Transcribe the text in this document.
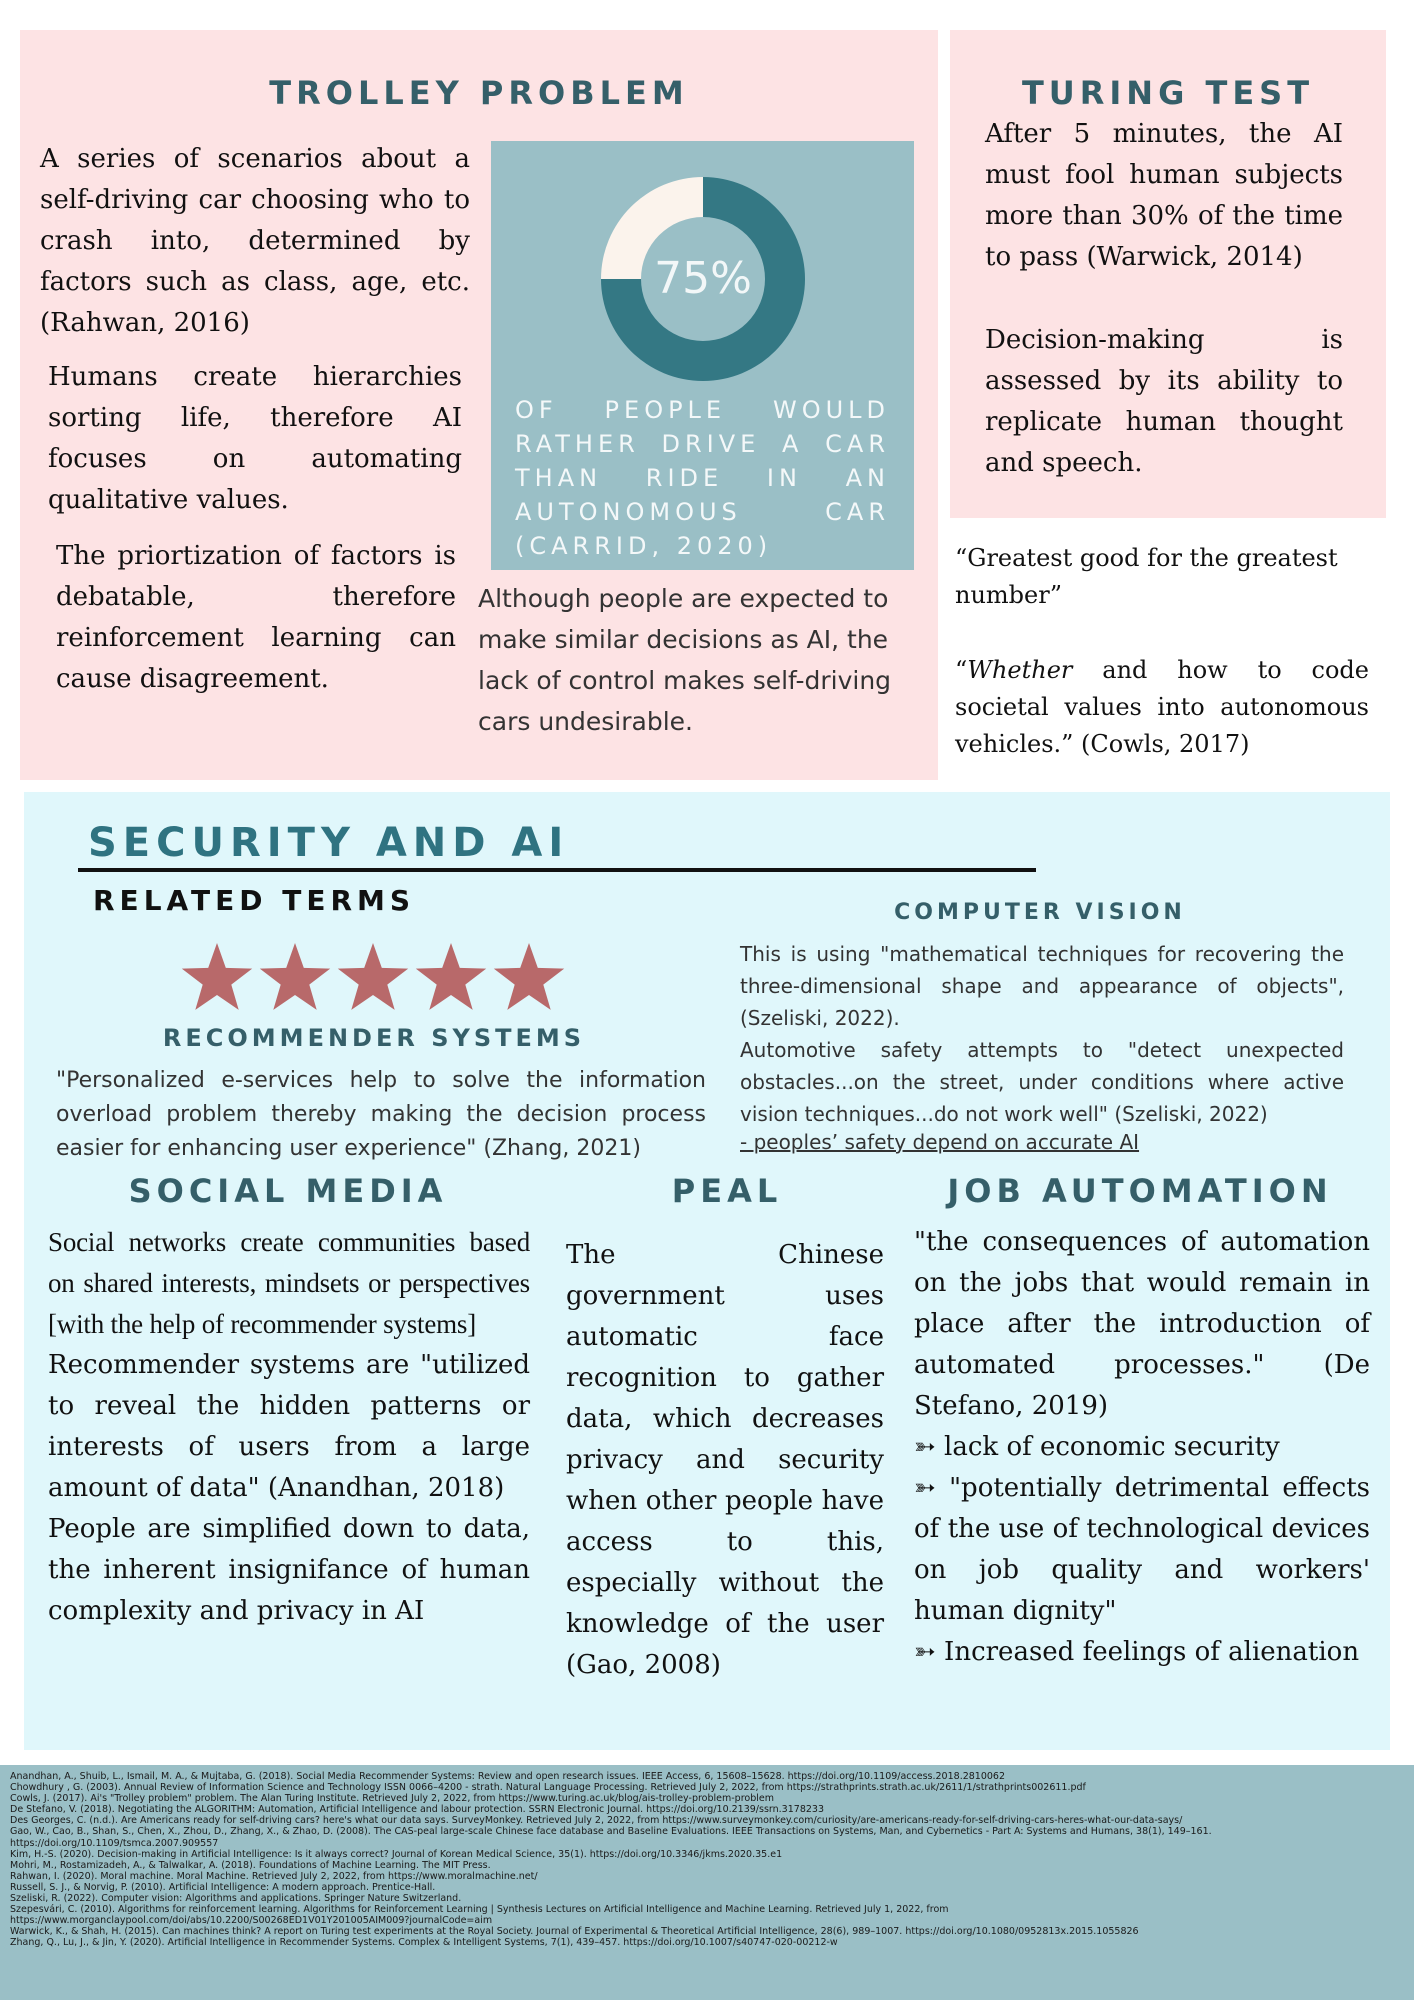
TROLLEY PROBLEM
A series of scenarios about a self-driving car choosing who to crash into, determined by factors such as class, age, etc. (Rahwan, 2016)
Humans create hierarchies sorting life, therefore AI focuses on automating qualitative values.
The priortization of factors is debatable, therefore reinforcement learning can cause disagreement.
75%
OF PEOPLE WOULD RATHER DRIVE A CAR THAN RIDE IN AN AUTONOMOUS CAR (CARRID, 2020)
Although people are expected to make similar decisions as AI, the lack of control makes self-driving cars undesirable.
TURING TEST
After 5 minutes, the AI must fool human subjects more than 30% of the time to pass (Warwick, 2014)
Decision-making is assessed by its ability to replicate human thought and speech.
“Greatest good for the greatest number”
“Whether and how to code societal values into autonomous vehicles.” (Cowls, 2017)
SECURITY AND AI
RELATED TERMS
RECOMMENDER SYSTEMS
"Personalized e-services help to solve the information overload problem thereby making the decision process easier for enhancing user experience" (Zhang, 2021)
COMPUTER VISION
This is using "mathematical techniques for recovering the three-dimensional shape and appearance of objects", (Szeliski, 2022).
Automotive safety attempts to "detect unexpected obstacles...on the street, under conditions where active vision techniques...do not work well" (Szeliski, 2022)
- peoples’ safety depend on accurate AI
SOCIAL MEDIA	PEAL	JOB AUTOMATION
Social networks create communities based on shared interests, mindsets or perspectives [with the help of recommender systems]
Recommender systems are "utilized to reveal the hidden patterns or interests of users from a large amount of data" (Anandhan, 2018)
People are simplified down to data, the inherent insignifance of human complexity and privacy in AI
The Chinese government uses automatic face recognition to gather data, which decreases privacy and security when other people have access to this, especially without the knowledge of the user (Gao, 2008)
"the consequences of automation on the jobs that would remain in place after the introduction of automated processes." (De Stefano, 2019)
➳ lack of economic security
➳ "potentially detrimental effects of the use of technological devices on job quality and workers' human dignity"
➳ Increased feelings of alienation
Anandhan, A., Shuib, L., Ismail, M. A., & Mujtaba, G. (2018). Social Media Recommender Systems: Review and open research issues. IEEE Access, 6, 15608–15628. https://doi.org/10.1109/access.2018.2810062
Chowdhury , G. (2003). Annual Review of Information Science and Technology ISSN 0066–4200 - strath. Natural Language Processing. Retrieved July 2, 2022, from https://strathprints.strath.ac.uk/2611/1/strathprints002611.pdf
Cowls, J. (2017). Ai's "Trolley problem" problem. The Alan Turing Institute. Retrieved July 2, 2022, from https://www.turing.ac.uk/blog/ais-trolley-problem-problem
De Stefano, V. (2018). Negotiating the ALGORITHM: Automation, Artificial Intelligence and labour protection. SSRN Electronic Journal. https://doi.org/10.2139/ssrn.3178233
Des Georges, C. (n.d.). Are Americans ready for self-driving cars? here's what our data says. SurveyMonkey. Retrieved July 2, 2022, from https://www.surveymonkey.com/curiosity/are-americans-ready-for-self-driving-cars-heres-what-our-data-says/
Gao, W., Cao, B., Shan, S., Chen, X., Zhou, D., Zhang, X., & Zhao, D. (2008). The CAS-peal large-scale Chinese face database and Baseline Evaluations. IEEE Transactions on Systems, Man, and Cybernetics - Part A: Systems and Humans, 38(1), 149–161.
https://doi.org/10.1109/tsmca.2007.909557
Kim, H.-S. (2020). Decision-making in Artificial Intelligence: Is it always correct? Journal of Korean Medical Science, 35(1). https://doi.org/10.3346/jkms.2020.35.e1
Mohri, M., Rostamizadeh, A., & Talwalkar, A. (2018). Foundations of Machine Learning. The MIT Press.
Rahwan, I. (2020). Moral machine. Moral Machine. Retrieved July 2, 2022, from https://www.moralmachine.net/
Russell, S. J., & Norvig, P. (2010). Artificial Intelligence: A modern approach. Prentice-Hall.
Szeliski, R. (2022). Computer vision: Algorithms and applications. Springer Nature Switzerland.
Szepesvári, C. (2010). Algorithms for reinforcement learning. Algorithms for Reinforcement Learning | Synthesis Lectures on Artificial Intelligence and Machine Learning. Retrieved July 1, 2022, from
https://www.morganclaypool.com/doi/abs/10.2200/S00268ED1V01Y201005AIM009?journalCode=aim
Warwick, K., & Shah, H. (2015). Can machines think? A report on Turing test experiments at the Royal Society. Journal of Experimental & Theoretical Artificial Intelligence, 28(6), 989–1007. https://doi.org/10.1080/0952813x.2015.1055826
Zhang, Q., Lu, J., & Jin, Y. (2020). Artificial Intelligence in Recommender Systems. Complex & Intelligent Systems, 7(1), 439–457. https://doi.org/10.1007/s40747-020-00212-w
